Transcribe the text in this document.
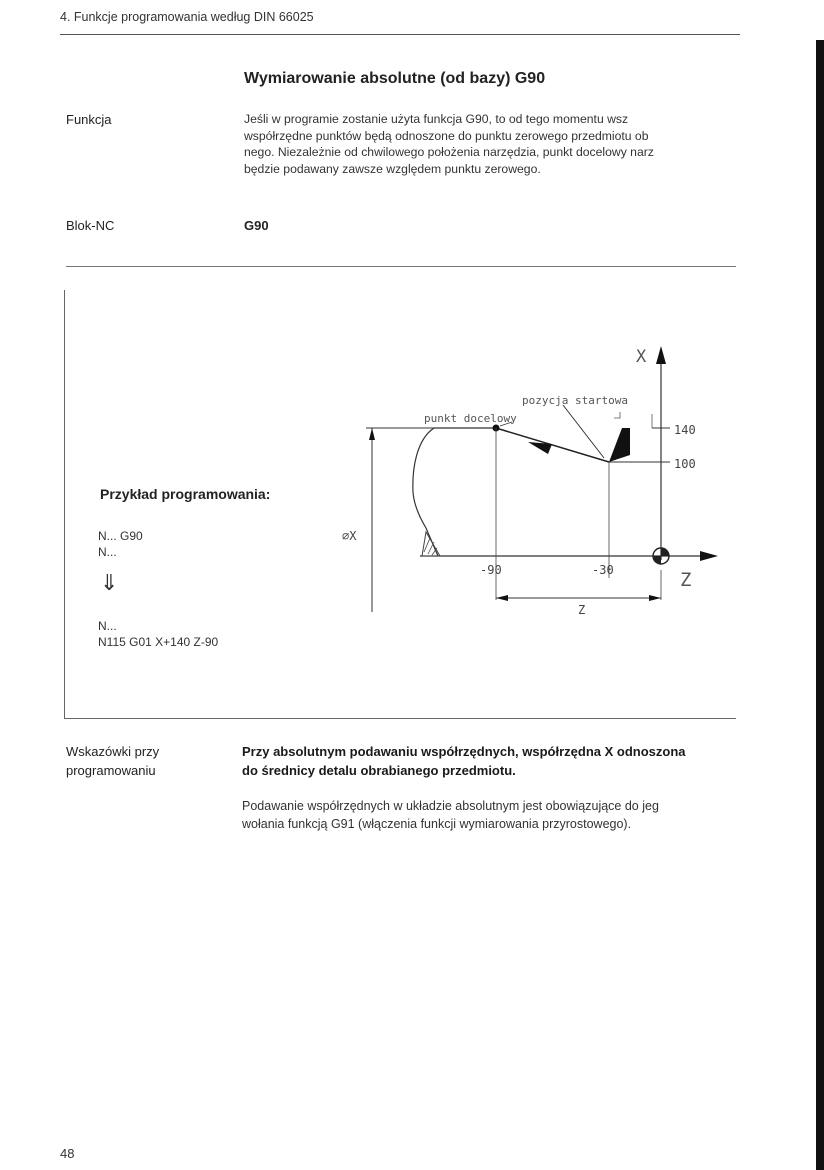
4. Funkcje programowania według DIN 66025
Wymiarowanie absolutne (od bazy) G90
Funkcja	Jeśli w programie zostanie użyta funkcja G90, to od tego momentu wsz
współrzędne punktów będą odnoszone do punktu zerowego przedmiotu ob
nego. Niezależnie od chwilowego położenia narzędzia, punkt docelowy narz
będzie podawany zawsze względem punktu zerowego.
Blok-NC	G90
Przykład programowania:
N... G90
N...
⇓
N...
N115 G01 X+140 Z-90
X
Z
pozycja startowa
punkt docelowy
140
100
⌀X
-90	-30
Z
Wskazówki przy
programowaniu
Przy absolutnym podawaniu współrzędnych, współrzędna X odnoszona
do średnicy detalu obrabianego przedmiotu.
Podawanie współrzędnych w układzie absolutnym jest obowiązujące do jeg
wołania funkcją G91 (włączenia funkcji wymiarowania przyrostowego).
48
